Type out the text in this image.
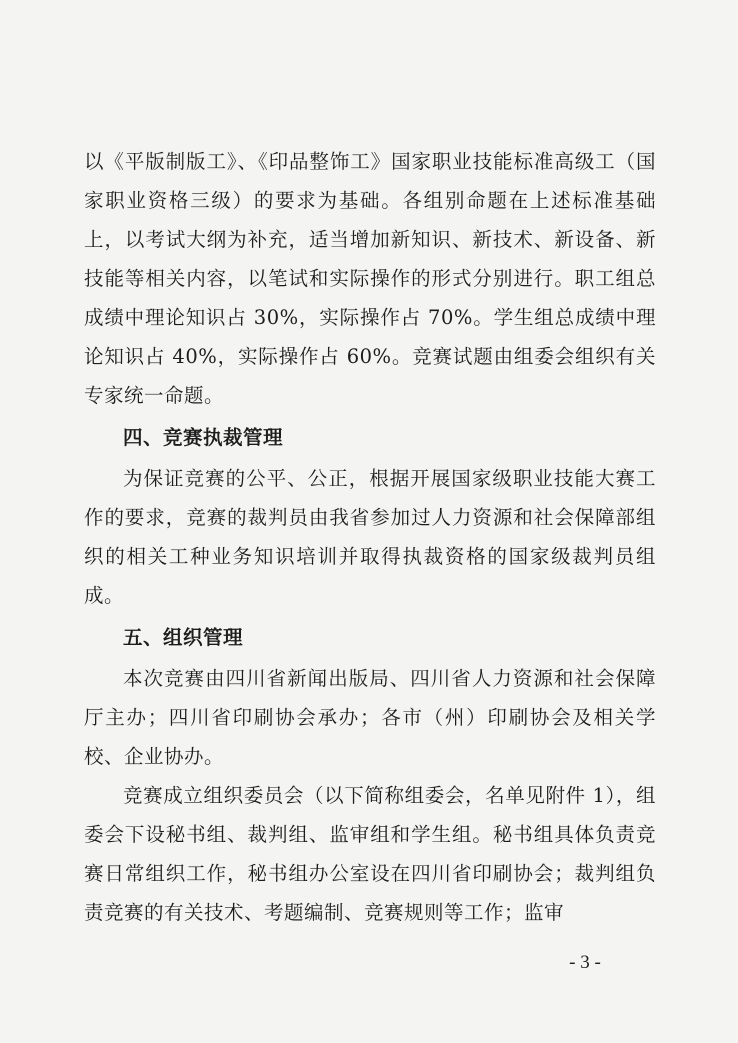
以《平版制版工》、《印品整饰工》国家职业技能标准高级工（国家职业资格三级）的要求为基础。各组别命题在上述标准基础上，以考试大纲为补充，适当增加新知识、新技术、新设备、新技能等相关内容，以笔试和实际操作的形式分别进行。职工组总成绩中理论知识占 30%，实际操作占 70%。学生组总成绩中理论知识占 40%，实际操作占 60%。竞赛试题由组委会组织有关专家统一命题。

四、竞赛执裁管理

为保证竞赛的公平、公正，根据开展国家级职业技能大赛工作的要求，竞赛的裁判员由我省参加过人力资源和社会保障部组织的相关工种业务知识培训并取得执裁资格的国家级裁判员组成。

五、组织管理

本次竞赛由四川省新闻出版局、四川省人力资源和社会保障厅主办；四川省印刷协会承办；各市（州）印刷协会及相关学校、企业协办。

竞赛成立组织委员会（以下简称组委会，名单见附件 1），组委会下设秘书组、裁判组、监审组和学生组。秘书组具体负责竞赛日常组织工作，秘书组办公室设在四川省印刷协会；裁判组负责竞赛的有关技术、考题编制、竞赛规则等工作；监审

- 3 -
